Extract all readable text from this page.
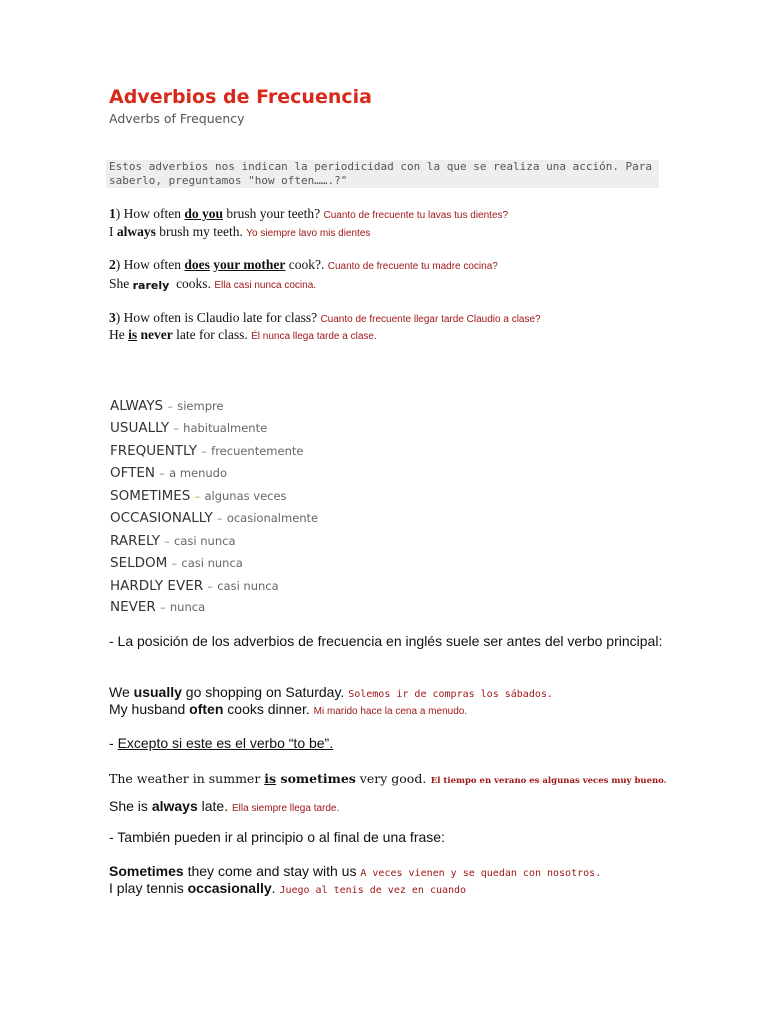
Adverbios de Frecuencia
Adverbs of Frequency
Estos adverbios nos indican la periodicidad con la que se realiza una acción. Para saberlo, preguntamos "how often…….?"
1) How often do you brush your teeth? Cuanto de frecuente tu lavas tus dientes?
I always brush my teeth. Yo siempre lavo mis dientes
2) How often does your mother cook?. Cuanto de frecuente tu madre cocina?
She rarely cooks. Ella casi nunca cocina.
3) How often is Claudio late for class? Cuanto de frecuente llegar tarde Claudio a clase?
He is never late for class. Él nunca llega tarde a clase.
ALWAYS – siempre
USUALLY – habitualmente
FREQUENTLY – frecuentemente
OFTEN – a menudo
SOMETIMES – algunas veces
OCCASIONALLY – ocasionalmente
RARELY – casi nunca
SELDOM – casi nunca
HARDLY EVER – casi nunca
NEVER – nunca
- La posición de los adverbios de frecuencia en inglés suele ser antes del verbo principal:
We usually go shopping on Saturday. Solemos ir de compras los sábados.
My husband often cooks dinner. Mi marido hace la cena a menudo.
- Excepto si este es el verbo “to be”.
The weather in summer is sometimes very good. El tiempo en verano es algunas veces muy bueno.
She is always late. Ella siempre llega tarde.
- También pueden ir al principio o al final de una frase:
Sometimes they come and stay with us A veces vienen y se quedan con nosotros.
I play tennis occasionally. Juego al tenis de vez en cuando
